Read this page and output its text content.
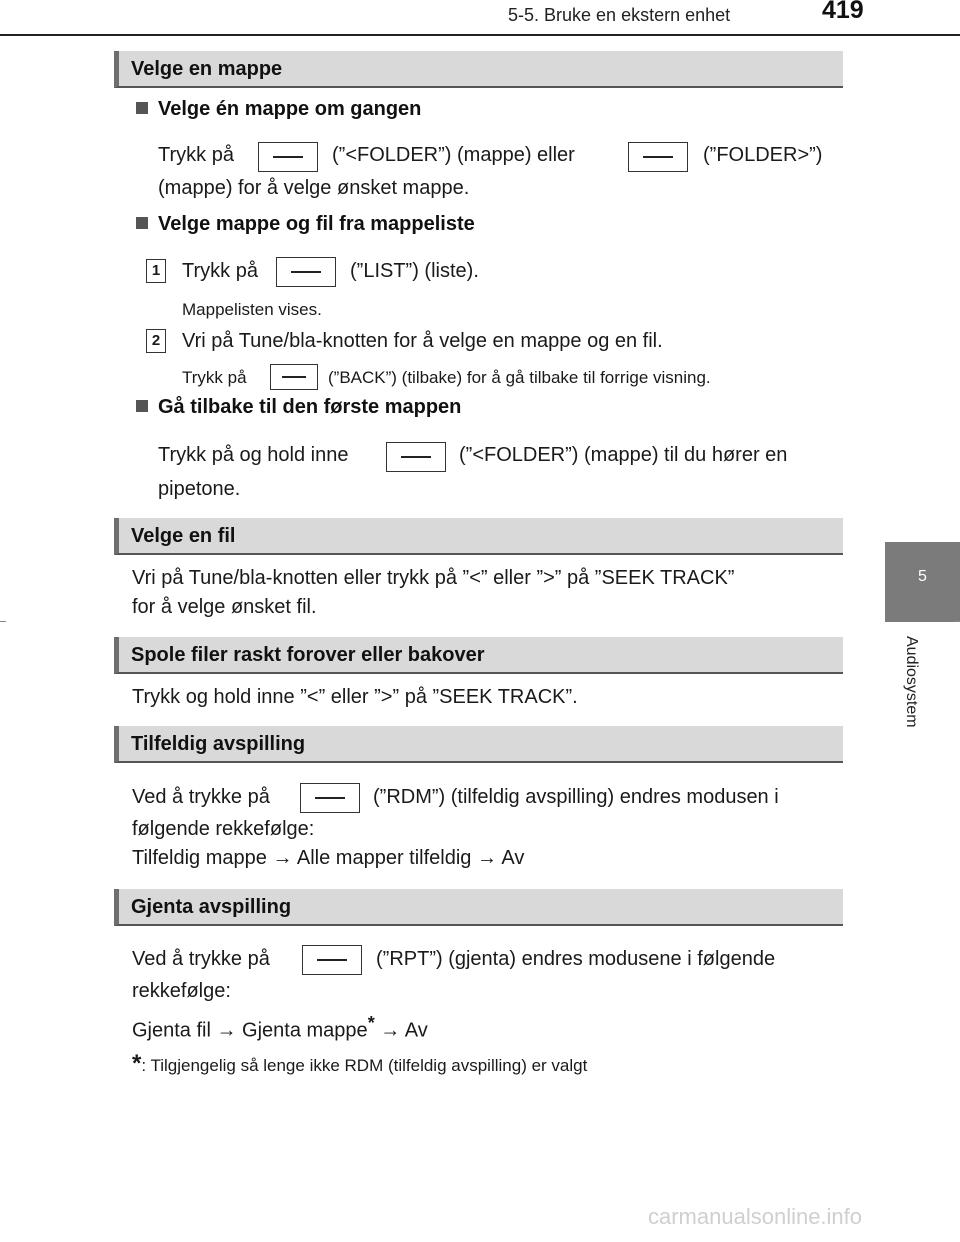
5-5. Bruke en ekstern enhet	419
5
Audiosystem
Velge en mappe
Velge én mappe om gangen
Trykk på	(”<FOLDER”) (mappe) eller	(”FOLDER>”)
(mappe) for å velge ønsket mappe.
Velge mappe og fil fra mappeliste
1 Trykk på	(”LIST”) (liste).
Mappelisten vises.
2 Vri på Tune/bla-knotten for å velge en mappe og en fil.
Trykk på	(”BACK”) (tilbake) for å gå tilbake til forrige visning.
Gå tilbake til den første mappen
Trykk på og hold inne	(”<FOLDER”) (mappe) til du hører en
pipetone.
Velge en fil
Vri på Tune/bla-knotten eller trykk på ”<” eller ”>” på ”SEEK TRACK”
for å velge ønsket fil.
Spole filer raskt forover eller bakover
Trykk og hold inne ”<” eller ”>” på ”SEEK TRACK”.
Tilfeldig avspilling
Ved å trykke på	(”RDM”) (tilfeldig avspilling) endres modusen i
følgende rekkefølge:
Tilfeldig mappe → Alle mapper tilfeldig → Av
Gjenta avspilling
Ved å trykke på	(”RPT”) (gjenta) endres modusene i følgende
rekkefølge:
Gjenta fil → Gjenta mappe* → Av
*: Tilgjengelig så lenge ikke RDM (tilfeldig avspilling) er valgt
carmanualsonline.info
